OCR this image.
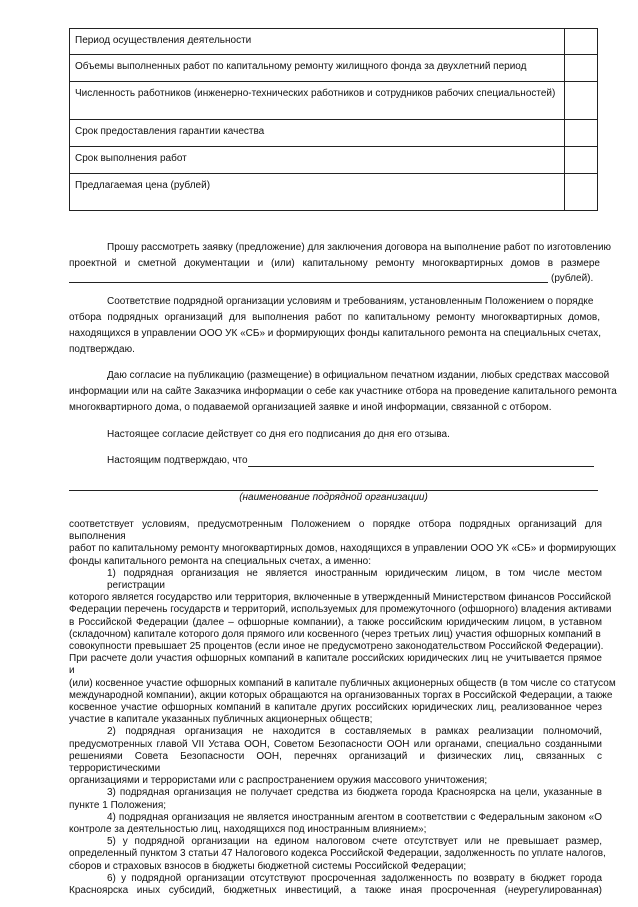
Период осуществления деятельности	
Объемы выполненных работ по капитальному ремонту жилищного фонда за двухлетний период	
Численность работников (инженерно-технических работников и сотрудников рабочих специальностей)	
Срок предоставления гарантии качества	
Срок выполнения работ	
Предлагаемая цена (рублей)	

Прошу рассмотреть заявку (предложение) для заключения договора на выполнение работ по изготовлению

проектной и сметной документации и (или) капитальному ремонту многоквартирных домов в размере

(рублей).

Соответствие подрядной организации условиям и требованиям, установленным Положением о порядке

отбора подрядных организаций для выполнения работ по капитальному ремонту многоквартирных домов,

находящихся в управлении ООО УК «СБ» и формирующих фонды капитального ремонта на специальных счетах,

подтверждаю.

Даю согласие на публикацию (размещение) в официальном печатном издании, любых средствах массовой

информации или на сайте Заказчика информации о себе как участнике отбора на проведение капитального ремонта

многоквартирного дома, о подаваемой организацией заявке и иной информации, связанной с отбором.

Настоящее согласие действует со дня его подписания до дня его отзыва.

Настоящим подтверждаю, что

(наименование подрядной организации)
соответствует условиям, предусмотренным Положением о порядке отбора подрядных организаций для выполнения
работ по капитальному ремонту многоквартирных домов, находящихся в управлении ООО УК «СБ» и формирующих
фонды капитального ремонта на специальных счетах, а именно:
1) подрядная организация не является иностранным юридическим лицом, в том числе местом регистрации
которого является государство или территория, включенные в утвержденный Министерством финансов Российской
Федерации перечень государств и территорий, используемых для промежуточного (офшорного) владения активами
в Российской Федерации (далее – офшорные компании), а также российским юридическим лицом, в уставном
(складочном) капитале которого доля прямого или косвенного (через третьих лиц) участия офшорных компаний в
совокупности превышает 25 процентов (если иное не предусмотрено законодательством Российской Федерации).
При расчете доли участия офшорных компаний в капитале российских юридических лиц не учитывается прямое и
(или) косвенное участие офшорных компаний в капитале публичных акционерных обществ (в том числе со статусом
международной компании), акции которых обращаются на организованных торгах в Российской Федерации, а также
косвенное участие офшорных компаний в капитале других российских юридических лиц, реализованное через
участие в капитале указанных публичных акционерных обществ;
2) подрядная организация не находится в составляемых в рамках реализации полномочий,
предусмотренных главой VII Устава ООН, Советом Безопасности ООН или органами, специально созданными
решениями Совета Безопасности ООН, перечнях организаций и физических лиц, связанных с террористическими
организациями и террористами или с распространением оружия массового уничтожения;
3) подрядная организация не получает средства из бюджета города Красноярска на цели, указанные в
пункте 1 Положения;
4) подрядная организация не является иностранным агентом в соответствии с Федеральным законом «О
контроле за деятельностью лиц, находящихся под иностранным влиянием»;
5) у подрядной организации на едином налоговом счете отсутствует или не превышает размер,
определенный пунктом 3 статьи 47 Налогового кодекса Российской Федерации, задолженность по уплате налогов,
сборов и страховых взносов в бюджеты бюджетной системы Российской Федерации;
6) у подрядной организации отсутствуют просроченная задолженность по возврату в бюджет города
Красноярска иных субсидий, бюджетных инвестиций, а также иная просроченная (неурегулированная)
